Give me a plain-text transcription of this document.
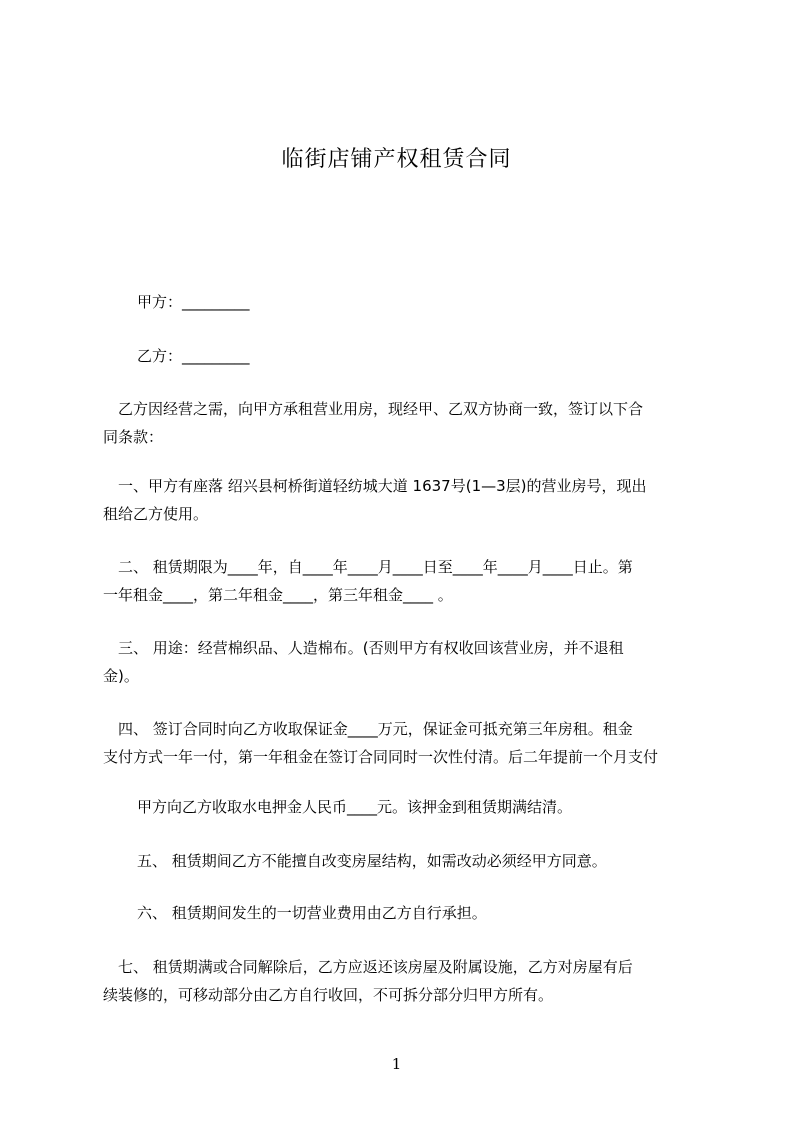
临街店铺产权租赁合同
甲方：_________
乙方：_________
　乙方因经营之需，向甲方承租营业用房，现经甲、乙双方协商一致，签订以下合
同条款：
　一、甲方有座落 绍兴县柯桥街道轻纺城大道 1637号(1—3层)的营业房号，现出
租给乙方使用。
　二、 租赁期限为____年，自____年____月____日至____年____月____日止。第
一年租金____，第二年租金____，第三年租金____ 。
　三、 用途：经营棉织品、人造棉布。(否则甲方有权收回该营业房，并不退租
金)。
　四、 签订合同时向乙方收取保证金____万元，保证金可抵充第三年房租。租金
支付方式一年一付，第一年租金在签订合同同时一次性付清。后二年提前一个月支付
甲方向乙方收取水电押金人民币____元。该押金到租赁期满结清。
五、 租赁期间乙方不能擅自改变房屋结构，如需改动必须经甲方同意。
六、 租赁期间发生的一切营业费用由乙方自行承担。
　七、 租赁期满或合同解除后，乙方应返还该房屋及附属设施，乙方对房屋有后
续装修的，可移动部分由乙方自行收回，不可拆分部分归甲方所有。
1
